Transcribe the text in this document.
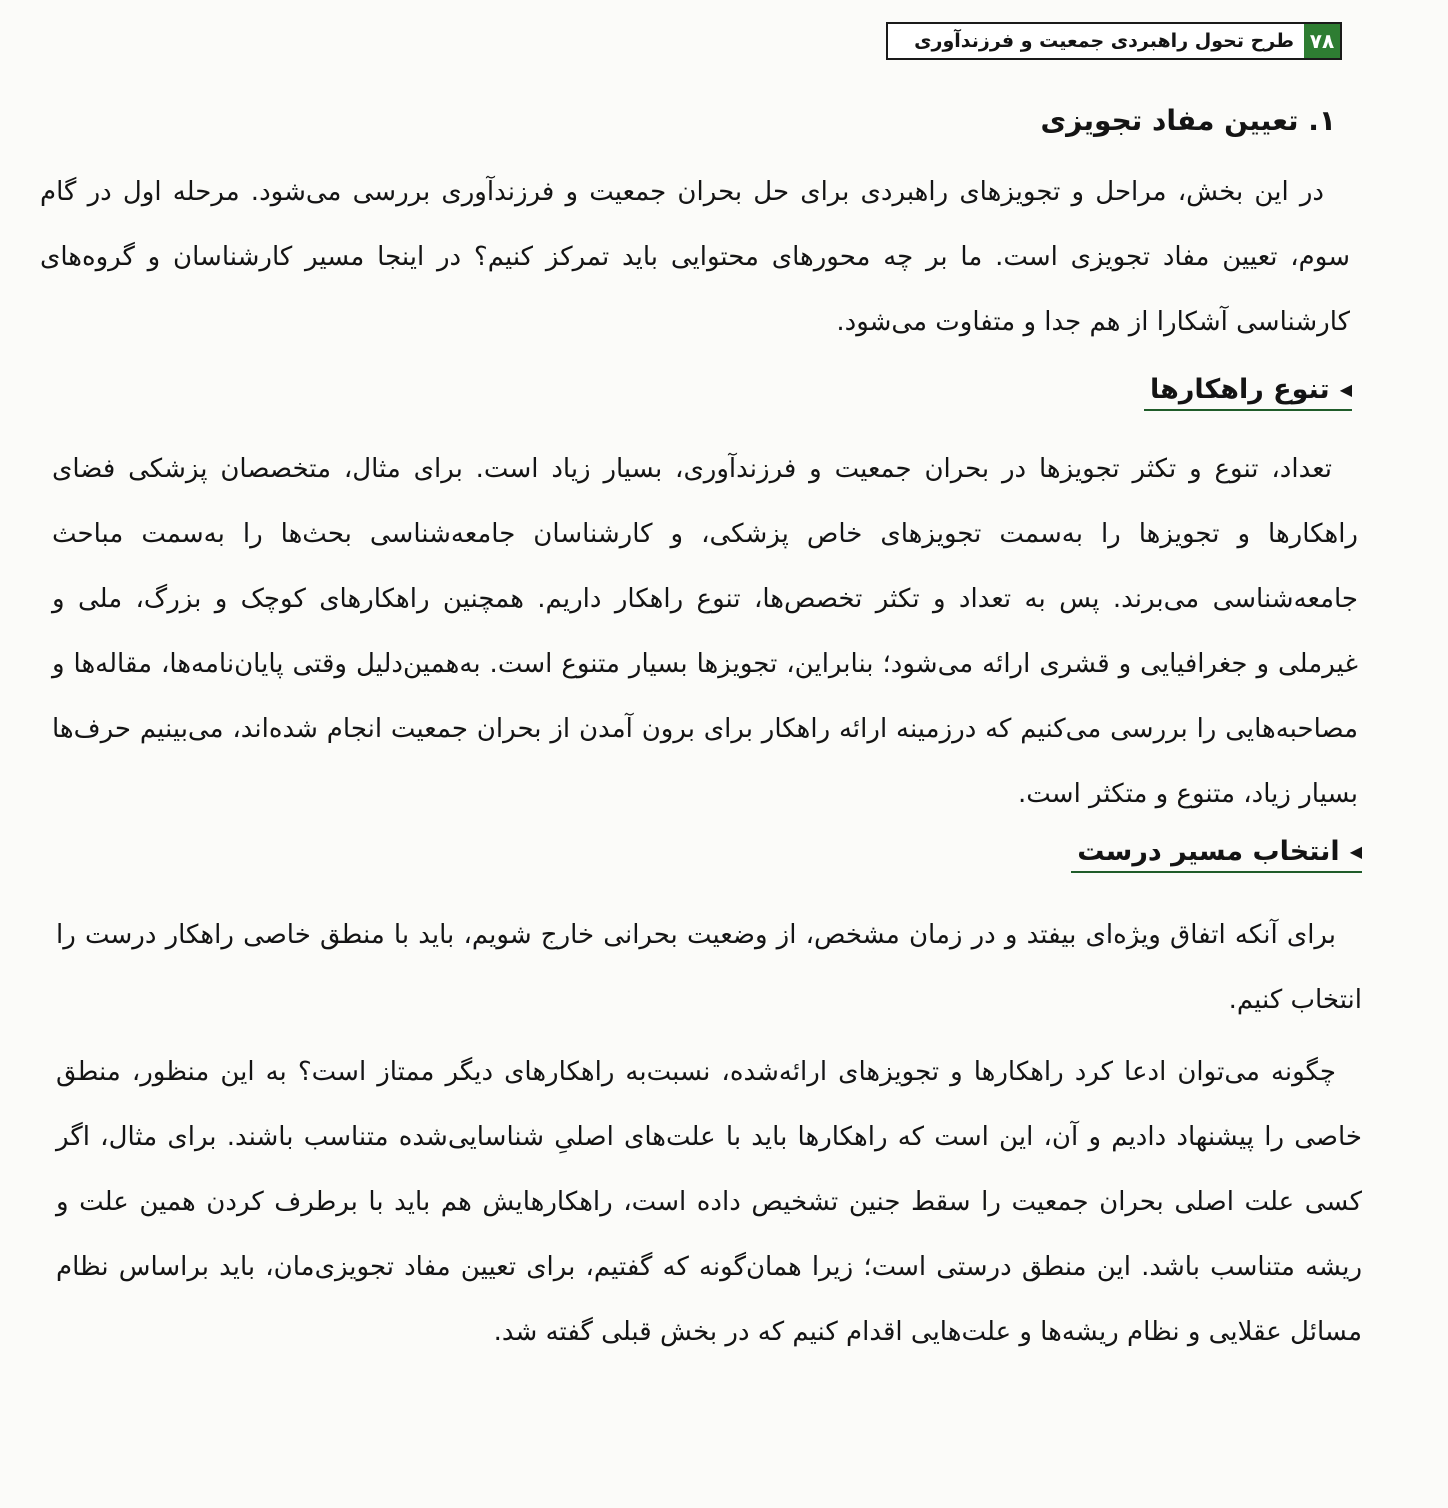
۷۸
طرح تحول راهبردی جمعیت و فرزندآوری
۱. تعیین مفاد تجویزی

در این بخش، مراحل و تجویزهای راهبردی برای حل بحران جمعیت و فرزندآوری بررسی می‌شود. مرحله اول در گام سوم، تعیین مفاد تجویزی است. ما بر چه محورهای محتوایی باید تمرکز کنیم؟ در اینجا مسیر کارشناسان و گروه‌های کارشناسی آشکارا از هم جدا و متفاوت می‌شود.

◀
تنوع راهکارها

تعداد، تنوع و تکثر تجویزها در بحران جمعیت و فرزندآوری، بسیار زیاد است. برای مثال، متخصصان پزشکی فضای راهکارها و تجویزها را به‌سمت تجویزهای خاص پزشکی، و کارشناسان جامعه‌شناسی بحث‌ها را به‌سمت مباحث جامعه‌شناسی می‌برند. پس به تعداد و تکثر تخصص‌ها، تنوع راهکار داریم. همچنین راهکارهای کوچک و بزرگ، ملی و غیرملی و جغرافیایی و قشری ارائه می‌شود؛ بنابراین، تجویزها بسیار متنوع است. به‌همین‌دلیل وقتی پایان‌نامه‌ها، مقاله‌ها و مصاحبه‌هایی را بررسی می‌کنیم که درزمینه ارائه راهکار برای برون آمدن از بحران جمعیت انجام شده‌اند، می‌بینیم حرف‌ها بسیار زیاد، متنوع و متکثر است.

◀
انتخاب مسیر درست

برای آنکه اتفاق ویژه‌ای بیفتد و در زمان مشخص، از وضعیت بحرانی خارج شویم، باید با منطق خاصی راهکار درست را انتخاب کنیم.

چگونه می‌توان ادعا کرد راهکارها و تجویزهای ارائه‌شده، نسبت‌به راهکارهای دیگر ممتاز است؟ به این منظور، منطق خاصی را پیشنهاد دادیم و آن، این است که راهکارها باید با علت‌های اصلیِ شناسایی‌شده متناسب باشند. برای مثال، اگر کسی علت اصلی بحران جمعیت را سقط جنین تشخیص داده است، راهکارهایش هم باید با برطرف کردن همین علت و ریشه متناسب باشد. این منطق درستی است؛ زیرا همان‌گونه که گفتیم، برای تعیین مفاد تجویزی‌مان، باید براساس نظام مسائل عقلایی و نظام ریشه‌ها و علت‌هایی اقدام کنیم که در بخش قبلی گفته شد.
